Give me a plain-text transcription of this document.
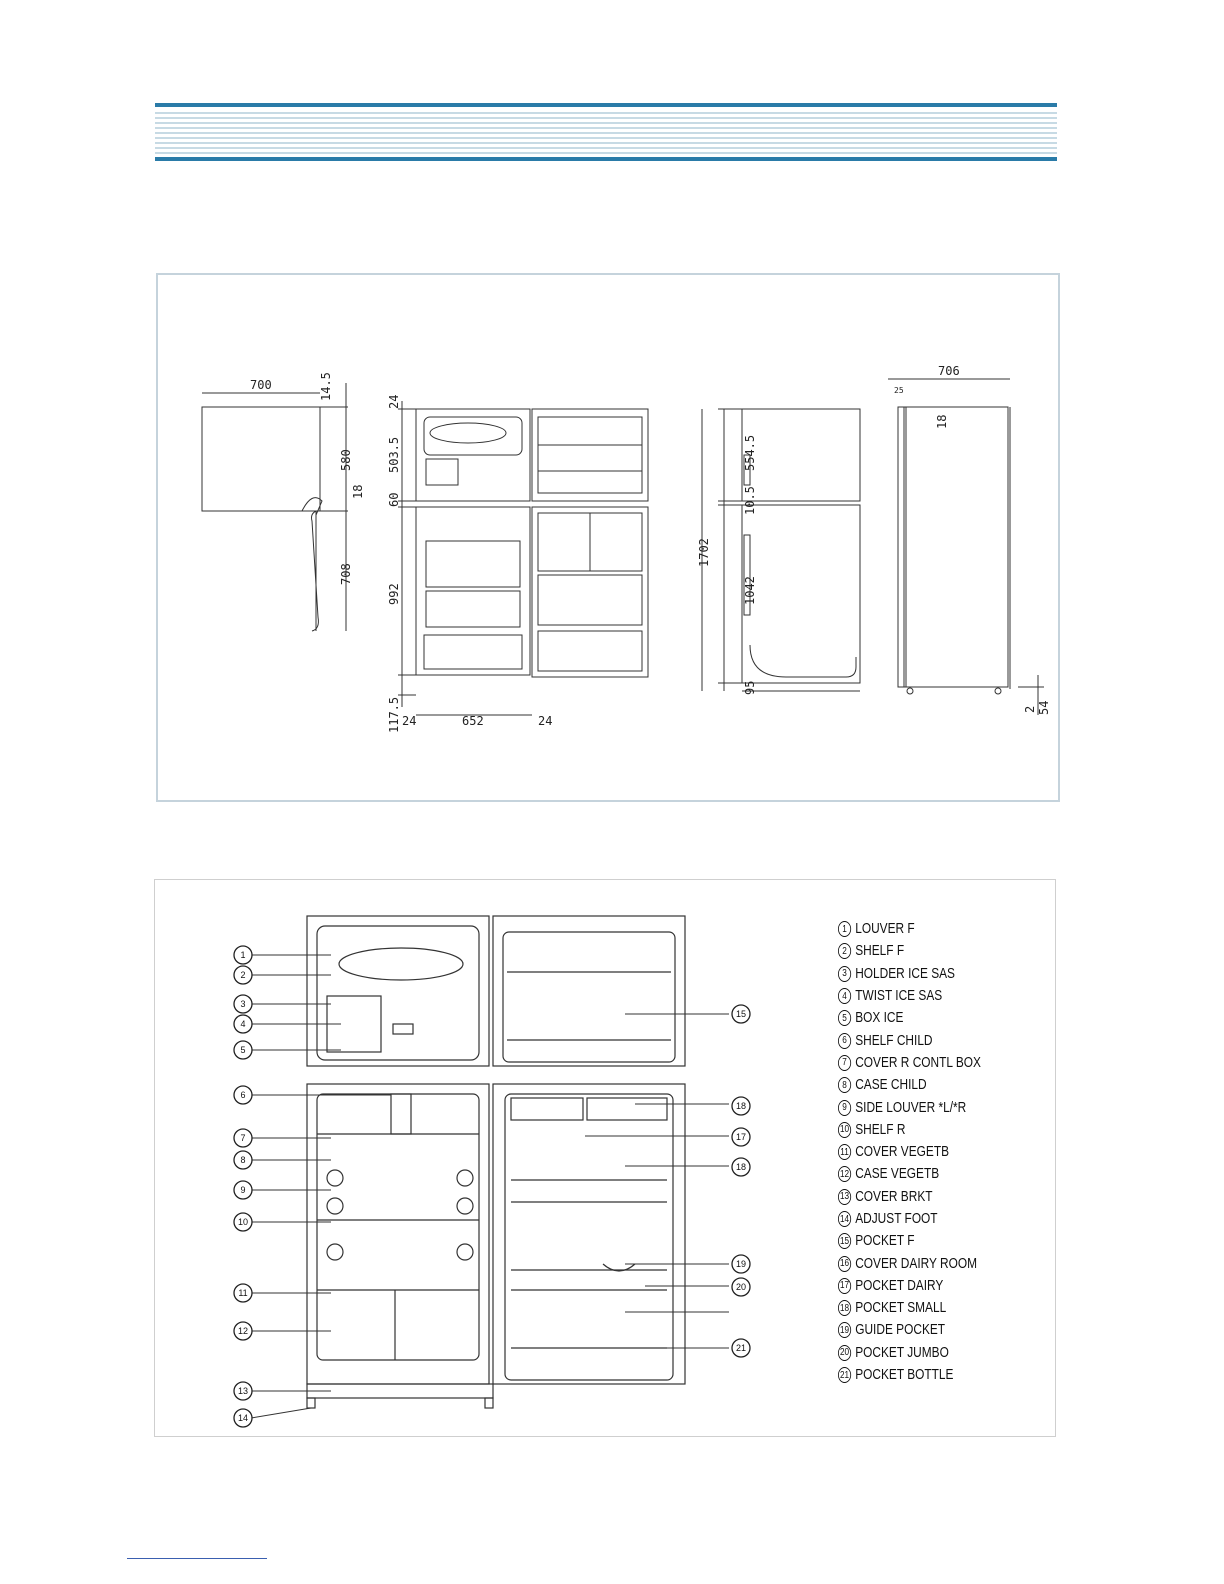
700	14.5
580
18
708
24
503.5
60
992
117.5 24	652	24
554.5
10.5
1702
1042
95
706
25
18
2 54
1
2
3
4
5
6
7
8
9
10
11
12
13
14
15
18
17
18
19
20
21
1 LOUVER F
2 SHELF F
3 HOLDER ICE SAS
4 TWIST ICE SAS
5 BOX ICE
6 SHELF CHILD
7 COVER R CONTL BOX
8 CASE CHILD
9 SIDE LOUVER *L/*R
10 SHELF R
11 COVER VEGETB
12 CASE VEGETB
13 COVER BRKT
14 ADJUST FOOT
15 POCKET F
16 COVER DAIRY ROOM
17 POCKET DAIRY
18 POCKET SMALL
19 GUIDE POCKET
20 POCKET JUMBO
21 POCKET BOTTLE
